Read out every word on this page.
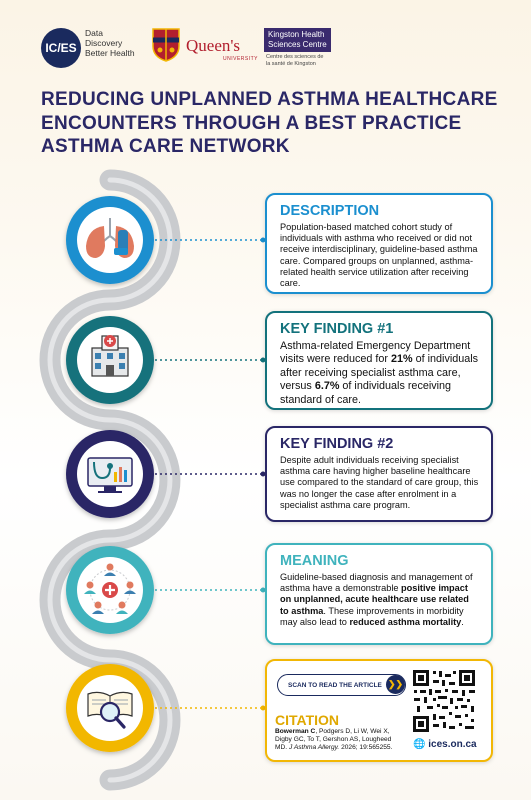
IC/ES
Data
Discovery
Better Health	Queen's
UNIVERSITY
Kingston Health
Sciences Centre
Centre des sciences de
la santé de Kingston
REDUCING UNPLANNED ASTHMA HEALTHCARE
ENCOUNTERS THROUGH A BEST PRACTICE
ASTHMA CARE NETWORK
DESCRIPTION
Population-based matched cohort study of individuals with asthma who received or did not receive interdisciplinary, guideline-based asthma care. Compared groups on unplanned, asthma-related health service utilization after receiving care.
KEY FINDING #1
Asthma-related Emergency Department visits were reduced for 21% of individuals after receiving specialist asthma care, versus 6.7% of individuals receiving standard of care.
KEY FINDING #2
Despite adult individuals receiving specialist asthma care having higher baseline healthcare use compared to the standard of care group, this was no longer the case after enrolment in a specialist asthma care program.
MEANING
Guideline-based diagnosis and management of asthma have a demonstrable positive impact on unplanned, acute healthcare use related to asthma. These improvements in morbidity may also lead to reduced asthma mortality.
SCAN TO READ THE ARTICLE ❯❯
CITATION
Bowerman C, Podgers D, Li W, Wei X, Digby GC, To T, Gershon AS, Lougheed MD. J Asthma Allergy. 2026; 19:565255.	🌐 ices.on.ca
